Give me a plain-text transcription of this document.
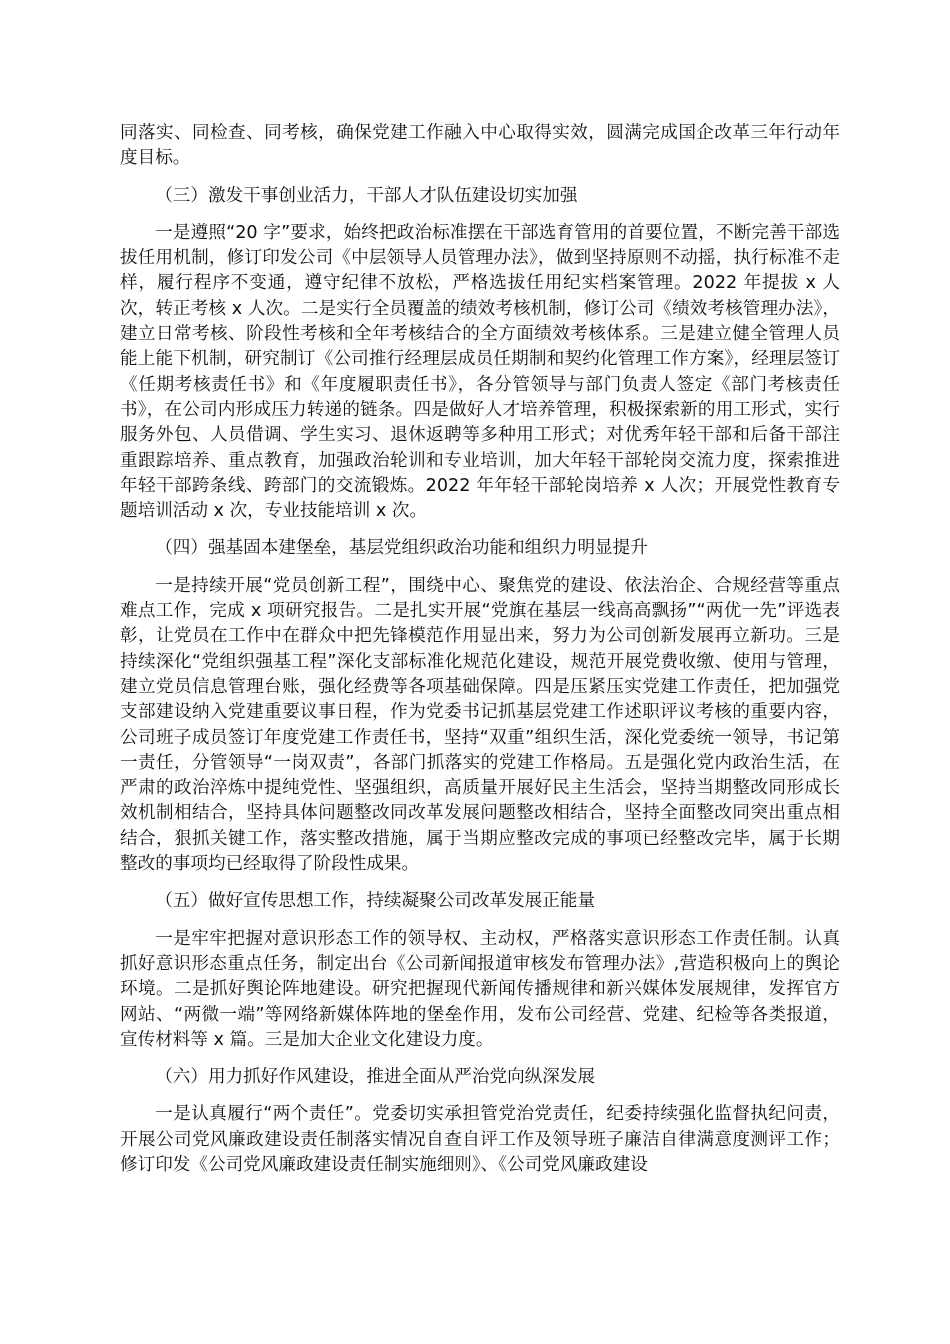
同落实、同检查、同考核，确保党建工作融入中心取得实效，圆满完成国企改革三年行动年度目标。

（三）激发干事创业活力，干部人才队伍建设切实加强

一是遵照“20 字”要求，始终把政治标准摆在干部选育管用的首要位置，不断完善干部选拔任用机制，修订印发公司《中层领导人员管理办法》，做到坚持原则不动摇，执行标准不走样，履行程序不变通，遵守纪律不放松，严格选拔任用纪实档案管理。2022 年提拔 x 人次，转正考核 x 人次。二是实行全员覆盖的绩效考核机制，修订公司《绩效考核管理办法》，建立日常考核、阶段性考核和全年考核结合的全方面绩效考核体系。三是建立健全管理人员能上能下机制，研究制订《公司推行经理层成员任期制和契约化管理工作方案》，经理层签订《任期考核责任书》和《年度履职责任书》，各分管领导与部门负责人签定《部门考核责任书》，在公司内形成压力转递的链条。四是做好人才培养管理，积极探索新的用工形式，实行服务外包、人员借调、学生实习、退休返聘等多种用工形式；对优秀年轻干部和后备干部注重跟踪培养、重点教育，加强政治轮训和专业培训，加大年轻干部轮岗交流力度，探索推进年轻干部跨条线、跨部门的交流锻炼。2022 年年轻干部轮岗培养 x 人次；开展党性教育专题培训活动 x 次，专业技能培训 x 次。

（四）强基固本建堡垒，基层党组织政治功能和组织力明显提升

一是持续开展“党员创新工程”，围绕中心、聚焦党的建设、依法治企、合规经营等重点难点工作，完成 x 项研究报告。二是扎实开展“党旗在基层一线高高飘扬”“两优一先”评选表彰，让党员在工作中在群众中把先锋模范作用显出来，努力为公司创新发展再立新功。三是持续深化“党组织强基工程”深化支部标准化规范化建设，规范开展党费收缴、使用与管理，建立党员信息管理台账，强化经费等各项基础保障。四是压紧压实党建工作责任，把加强党支部建设纳入党建重要议事日程，作为党委书记抓基层党建工作述职评议考核的重要内容，公司班子成员签订年度党建工作责任书，坚持“双重”组织生活，深化党委统一领导，书记第一责任，分管领导“一岗双责”，各部门抓落实的党建工作格局。五是强化党内政治生活，在严肃的政治淬炼中提纯党性、坚强组织，高质量开展好民主生活会，坚持当期整改同形成长效机制相结合，坚持具体问题整改同改革发展问题整改相结合，坚持全面整改同突出重点相结合，狠抓关键工作，落实整改措施，属于当期应整改完成的事项已经整改完毕，属于长期整改的事项均已经取得了阶段性成果。

（五）做好宣传思想工作，持续凝聚公司改革发展正能量

一是牢牢把握对意识形态工作的领导权、主动权，严格落实意识形态工作责任制。认真抓好意识形态重点任务，制定出台《公司新闻报道审核发布管理办法》,营造积极向上的舆论环境。二是抓好舆论阵地建设。研究把握现代新闻传播规律和新兴媒体发展规律，发挥官方网站、“两微一端”等网络新媒体阵地的堡垒作用，发布公司经营、党建、纪检等各类报道，宣传材料等 x 篇。三是加大企业文化建设力度。

（六）用力抓好作风建设，推进全面从严治党向纵深发展

一是认真履行“两个责任”。党委切实承担管党治党责任，纪委持续强化监督执纪问责，开展公司党风廉政建设责任制落实情况自查自评工作及领导班子廉洁自律满意度测评工作；修订印发《公司党风廉政建设责任制实施细则》、《公司党风廉政建设
